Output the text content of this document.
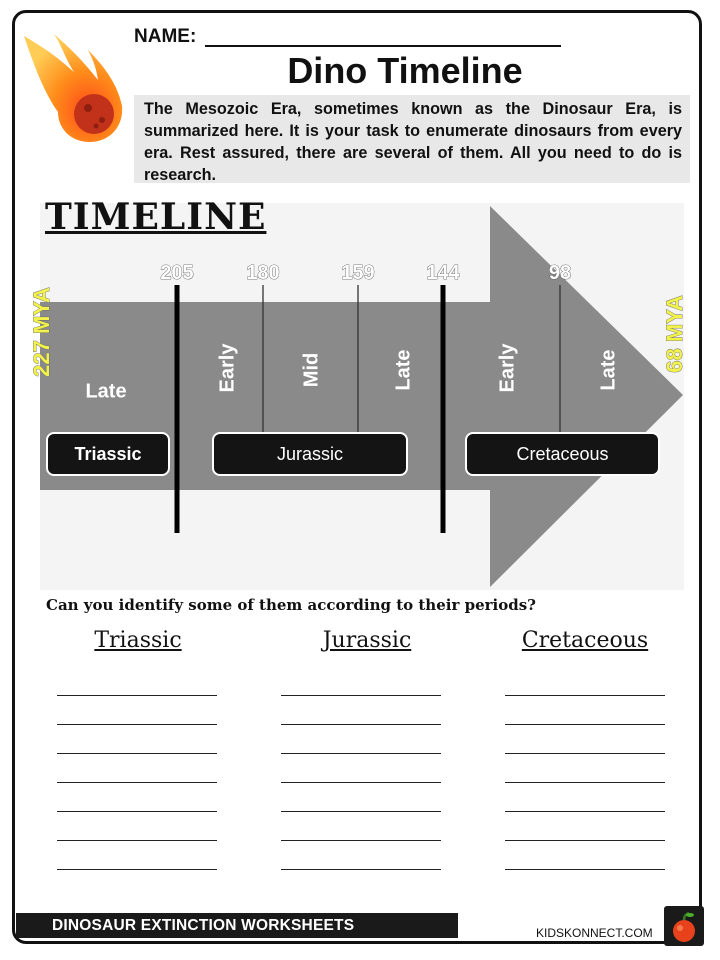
NAME:
Dino Timeline
The Mesozoic Era, sometimes known as the Dinosaur Era, is summarized here. It is your task to enumerate dinosaurs from every era. Rest assured, there are several of them. All you need to do is research.
205	180	159	144	98
Late	Early	Mid	Late	Early	Late
Triassic	Jurassic	Cretaceous
227 MYA	68 MYA
TIMELINE
Can you identify some of them according to their periods?
Triassic	Jurassic	Cretaceous
DINOSAUR EXTINCTION WORKSHEETS	KIDSKONNECT.COM
